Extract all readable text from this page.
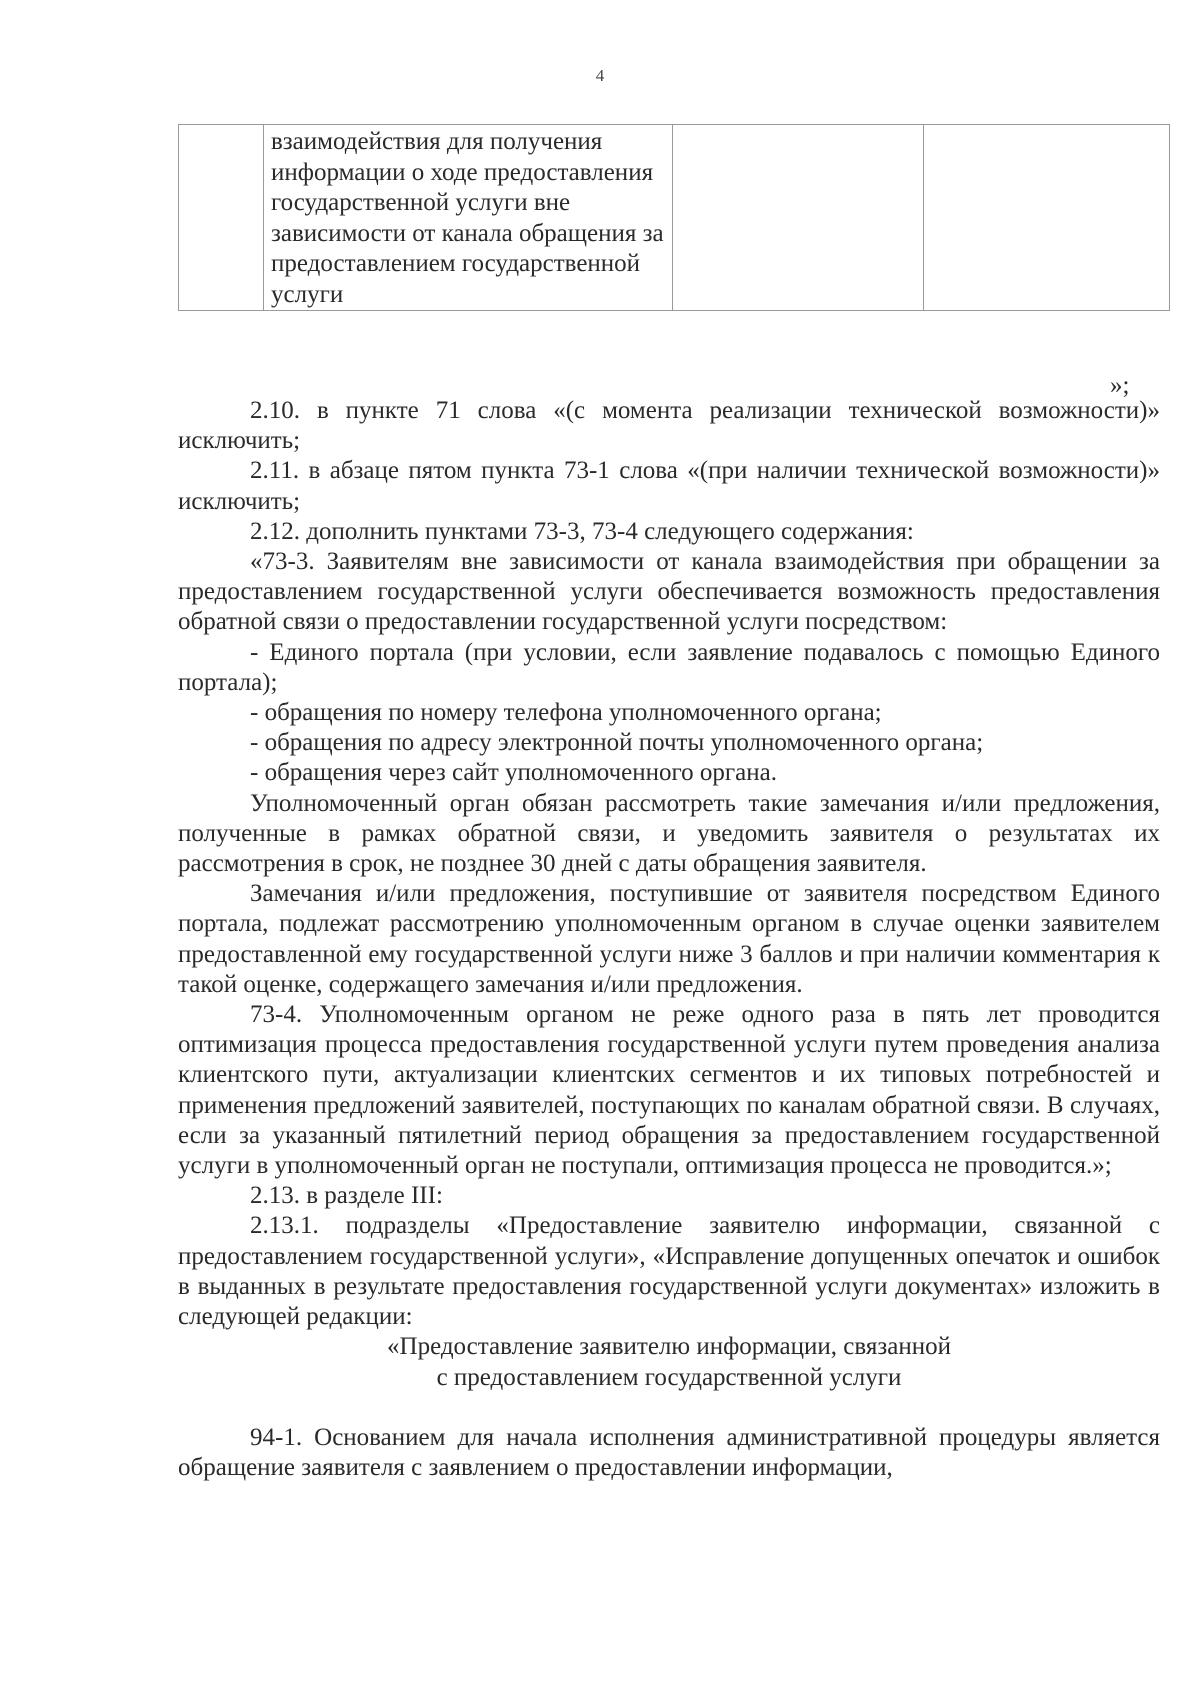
4
	взаимодействия для получения информации о ходе предоставления государственной услуги вне зависимости от канала обращения за предоставлением государственной услуги		
»;

2.10. в пункте 71 слова «(с момента реализации технической возможности)» исключить;

2.11. в абзаце пятом пункта 73-1 слова «(при наличии технической возможности)» исключить;

2.12. дополнить пунктами 73-3, 73-4 следующего содержания:

«73-3. Заявителям вне зависимости от канала взаимодействия при обращении за предоставлением государственной услуги обеспечивается возможность предоставления обратной связи о предоставлении государственной услуги посредством:

- Единого портала (при условии, если заявление подавалось с помощью Единого портала);

- обращения по номеру телефона уполномоченного органа;

- обращения по адресу электронной почты уполномоченного органа;

- обращения через сайт уполномоченного органа.

Уполномоченный орган обязан рассмотреть такие замечания и/или предложения, полученные в рамках обратной связи, и уведомить заявителя о результатах их рассмотрения в срок, не позднее 30 дней с даты обращения заявителя.

Замечания и/или предложения, поступившие от заявителя посредством Единого портала, подлежат рассмотрению уполномоченным органом в случае оценки заявителем предоставленной ему государственной услуги ниже 3 баллов и при наличии комментария к такой оценке, содержащего замечания и/или предложения.

73-4. Уполномоченным органом не реже одного раза в пять лет проводится оптимизация процесса предоставления государственной услуги путем проведения анализа клиентского пути, актуализации клиентских сегментов и их типовых потребностей и применения предложений заявителей, поступающих по каналам обратной связи. В случаях, если за указанный пятилетний период обращения за предоставлением государственной услуги в уполномоченный орган не поступали, оптимизация процесса не проводится.»;

2.13. в разделе III:

2.13.1. подразделы «Предоставление заявителю информации, связанной с предоставлением государственной услуги», «Исправление допущенных опечаток и ошибок в выданных в результате предоставления государственной услуги документах» изложить в следующей редакции:

«Предоставление заявителю информации, связанной

с предоставлением государственной услуги

94-1. Основанием для начала исполнения административной процедуры является обращение заявителя с заявлением о предоставлении информации,
